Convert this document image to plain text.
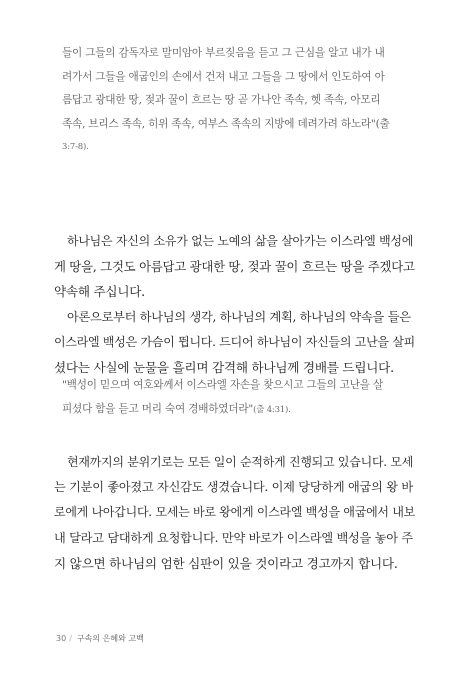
들이 그들의 감독자로 말미암아 부르짖음을 듣고 그 근심을 알고 내가 내
려가서 그들을 애굽인의 손에서 건져 내고 그들을 그 땅에서 인도하여 아
름답고 광대한 땅, 젖과 꿀이 흐르는 땅 곧 가나안 족속, 헷 족속, 아모리
족속, 브리스 족속, 히위 족속, 여부스 족속의 지방에 데려가려 하노라"(출
3:7-8).
하나님은 자신의 소유가 없는 노예의 삶을 살아가는 이스라엘 백성에
게 땅을, 그것도 아름답고 광대한 땅, 젖과 꿀이 흐르는 땅을 주겠다고
약속해 주십니다.
아론으로부터 하나님의 생각, 하나님의 계획, 하나님의 약속을 들은
이스라엘 백성은 가슴이 뜁니다. 드디어 하나님이 자신들의 고난을 살피
셨다는 사실에 눈물을 흘리며 감격해 하나님께 경배를 드립니다.
"백성이 믿으며 여호와께서 이스라엘 자손을 찾으시고 그들의 고난을 살
피셨다 함을 듣고 머리 숙여 경배하였더라"(출 4:31).
현재까지의 분위기로는 모든 일이 순적하게 진행되고 있습니다. 모세
는 기분이 좋아졌고 자신감도 생겼습니다. 이제 당당하게 애굽의 왕 바
로에게 나아갑니다. 모세는 바로 왕에게 이스라엘 백성을 애굽에서 내보
내 달라고 담대하게 요청합니다. 만약 바로가 이스라엘 백성을 놓아 주
지 않으면 하나님의 엄한 심판이 있을 것이라고 경고까지 합니다.
30 / 구속의 은혜와 고백
